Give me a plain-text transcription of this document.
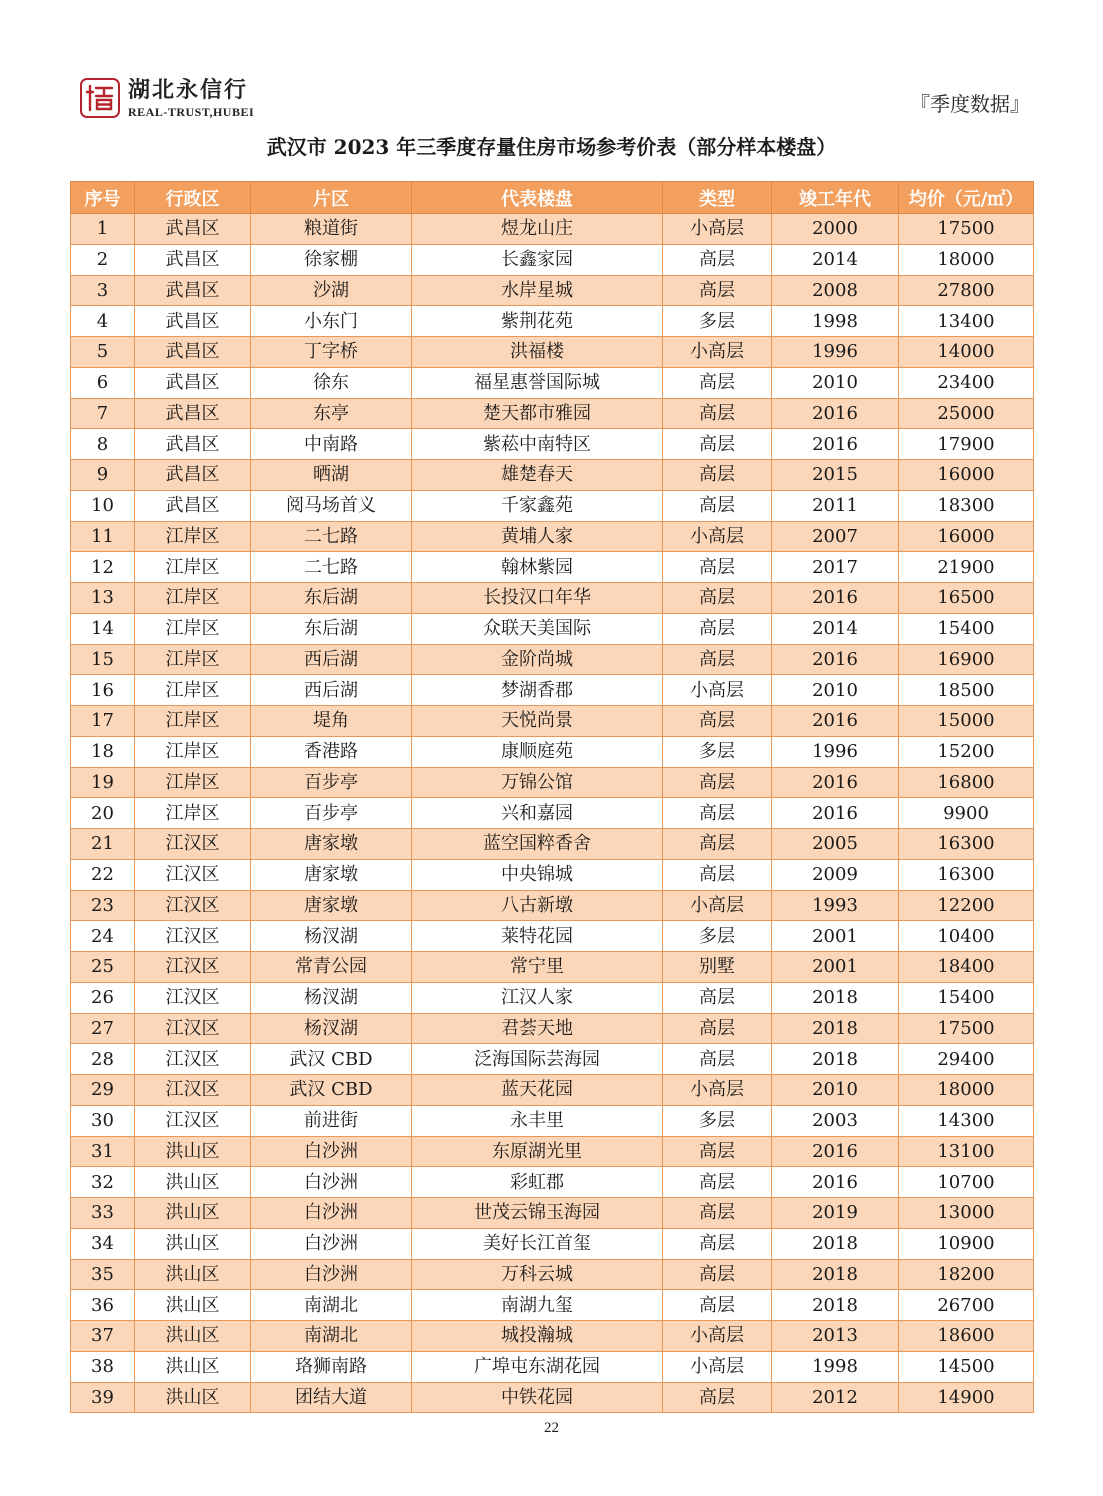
湖北永信行
REAL-TRUST,HUBEI	『季度数据』
武汉市 2023 年三季度存量住房市场参考价表（部分样本楼盘）
序号	行政区	片区	代表楼盘	类型	竣工年代	均价（元/㎡）
1	武昌区	粮道街	煜龙山庄	小高层	2000	17500
2	武昌区	徐家棚	长鑫家园	高层	2014	18000
3	武昌区	沙湖	水岸星城	高层	2008	27800
4	武昌区	小东门	紫荆花苑	多层	1998	13400
5	武昌区	丁字桥	洪福楼	小高层	1996	14000
6	武昌区	徐东	福星惠誉国际城	高层	2010	23400
7	武昌区	东亭	楚天都市雅园	高层	2016	25000
8	武昌区	中南路	紫菘中南特区	高层	2016	17900
9	武昌区	晒湖	雄楚春天	高层	2015	16000
10	武昌区	阅马场首义	千家鑫苑	高层	2011	18300
11	江岸区	二七路	黄埔人家	小高层	2007	16000
12	江岸区	二七路	翰林紫园	高层	2017	21900
13	江岸区	东后湖	长投汉口年华	高层	2016	16500
14	江岸区	东后湖	众联天美国际	高层	2014	15400
15	江岸区	西后湖	金阶尚城	高层	2016	16900
16	江岸区	西后湖	梦湖香郡	小高层	2010	18500
17	江岸区	堤角	天悦尚景	高层	2016	15000
18	江岸区	香港路	康顺庭苑	多层	1996	15200
19	江岸区	百步亭	万锦公馆	高层	2016	16800
20	江岸区	百步亭	兴和嘉园	高层	2016	9900
21	江汉区	唐家墩	蓝空国粹香舍	高层	2005	16300
22	江汉区	唐家墩	中央锦城	高层	2009	16300
23	江汉区	唐家墩	八古新墩	小高层	1993	12200
24	江汉区	杨汊湖	莱特花园	多层	2001	10400
25	江汉区	常青公园	常宁里	别墅	2001	18400
26	江汉区	杨汊湖	江汉人家	高层	2018	15400
27	江汉区	杨汊湖	君荟天地	高层	2018	17500
28	江汉区	武汉 CBD	泛海国际芸海园	高层	2018	29400
29	江汉区	武汉 CBD	蓝天花园	小高层	2010	18000
30	江汉区	前进街	永丰里	多层	2003	14300
31	洪山区	白沙洲	东原湖光里	高层	2016	13100
32	洪山区	白沙洲	彩虹郡	高层	2016	10700
33	洪山区	白沙洲	世茂云锦玉海园	高层	2019	13000
34	洪山区	白沙洲	美好长江首玺	高层	2018	10900
35	洪山区	白沙洲	万科云城	高层	2018	18200
36	洪山区	南湖北	南湖九玺	高层	2018	26700
37	洪山区	南湖北	城投瀚城	小高层	2013	18600
38	洪山区	珞狮南路	广埠屯东湖花园	小高层	1998	14500
39	洪山区	团结大道	中铁花园	高层	2012	14900
22
